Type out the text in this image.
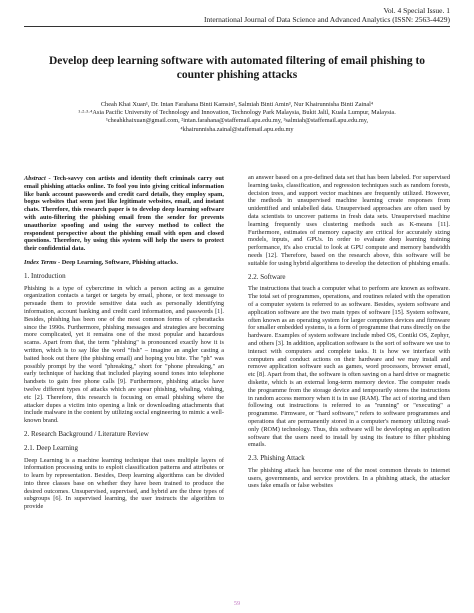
Vol. 4 Special Issue. 1
International Journal of Data Science and Advanced Analytics (ISSN: 2563-4429)
Develop deep learning software with automated filtering of email phishing to counter phishing attacks
Cheah Khai Xuan¹, Dr. Intan Farahana Binti Kamsin², Salmiah Binti Amin³, Nur Khairunnisha Binti Zainal⁴
¹·²·³·⁴Asia Pacific University of Technology and Innovation, Technology Park Malaysia, Bukit Jalil, Kuala Lumpur, Malaysia.
¹cheahkhaixuan@gmail.com, ²intan.farahana@staffemail.apu.edu.my, ³salmiah@staffemail.apu.edu.my,
⁴khairunnisha.zainal@staffemail.apu.edu.my

Abstract - Tech-savvy con artists and identity theft criminals carry out email phishing attacks online. To fool you into giving critical information like bank account passwords and credit card details, they employ spam, bogus websites that seem just like legitimate websites, email, and instant chats. Therefore, this research paper is to develop deep learning software with auto-filtering the phishing email from the sender for prevents unauthorize spoofing and using the survey method to collect the respondent perspective about the phishing email with open and closed questions. Therefore, by using this system will help the users to protect their confidential data.

Index Terms - Deep Learning, Software, Phishing attacks.

1. Introduction

Phishing is a type of cybercrime in which a person acting as a genuine organization contacts a target or targets by email, phone, or text message to persuade them to provide sensitive data such as personally identifying information, account banking and credit card information, and passwords [1]. Besides, phishing has been one of the most common forms of cyberattacks since the 1990s. Furthermore, phishing messages and strategies are becoming more complicated, yet it remains one of the most popular and hazardous scams. Apart from that, the term "phishing" is pronounced exactly how it is written, which is to say like the word "fish" – imagine an angler casting a baited hook out there (the phishing email) and hoping you bite. The "ph" was possibly prompt by the word "phreaking," short for "phone phreaking," an early technique of hacking that included playing sound tones into telephone handsets to gain free phone calls [9]. Furthermore, phishing attacks have twelve different types of attacks which are spear phishing, whaling, vishing, etc [2]. Therefore, this research is focusing on email phishing where the attacker dupes a victim into opening a link or downloading attachments that include malware in the content by utilizing social engineering to mimic a well-known brand.

2. Research Background / Literature Review

2.1. Deep Learning

Deep Learning is a machine learning technique that uses multiple layers of information processing units to exploit classification patterns and attributes or to learn by representation. Besides, Deep learning algorithms can be divided into three classes base on whether they have been trained to produce the desired outcomes. Unsupervised, supervised, and hybrid are the three types of subgroups [6]. In supervised learning, the user instructs the algorithm to provide

an answer based on a pre-defined data set that has been labeled. For supervised learning tasks, classification, and regression techniques such as random forests, decision trees, and support vector machines are frequently utilized. However, the methods in unsupervised machine learning create responses from unidentified and unlabelled data. Unsupervised approaches are often used by data scientists to uncover patterns in fresh data sets. Unsupervised machine learning frequently uses clustering methods such as K-means [11]. Furthermore, estimates of memory capacity are critical for accurately sizing models, inputs, and GPUs. In order to evaluate deep learning training performance, it's also crucial to look at GPU compute and memory bandwidth needs [12]. Therefore, based on the research above, this software will be suitable for using hybrid algorithms to develop the detection of phishing emails.

2.2. Software

The instructions that teach a computer what to perform are known as software. The total set of programmes, operations, and routines related with the operation of a computer system is referred to as software. Besides, system software and application software are the two main types of software [15]. System software, often known as an operating system for larger computers devices and firmware for smaller embedded systems, is a form of programme that runs directly on the hardware. Examples of system software include mbed OS, Contiki OS, Zephyr, and others [3]. In addition, application software is the sort of software we use to interact with computers and complete tasks. It is how we interface with computers and conduct actions on their hardware and we may install and remove application software such as games, word processors, browser email, etc [8]. Apart from that, the software is often saving on a hard drive or magnetic diskette, which is an external long-term memory device. The computer reads the programme from the storage device and temporarily stores the instructions in random access memory when it is in use (RAM). The act of storing and then following out instructions is referred to as "running" or "executing" a programme. Firmware, or "hard software," refers to software programmes and operations that are permanently stored in a computer's memory utilizing read-only (ROM) technology. Thus, this software will be developing an application software that the users need to install by using its feature to filter phishing emails.

2.3. Phishing Attack

The phishing attack has become one of the most common threats to internet users, governments, and service providers. In a phishing attack, the attacker uses fake emails or false websites

59
